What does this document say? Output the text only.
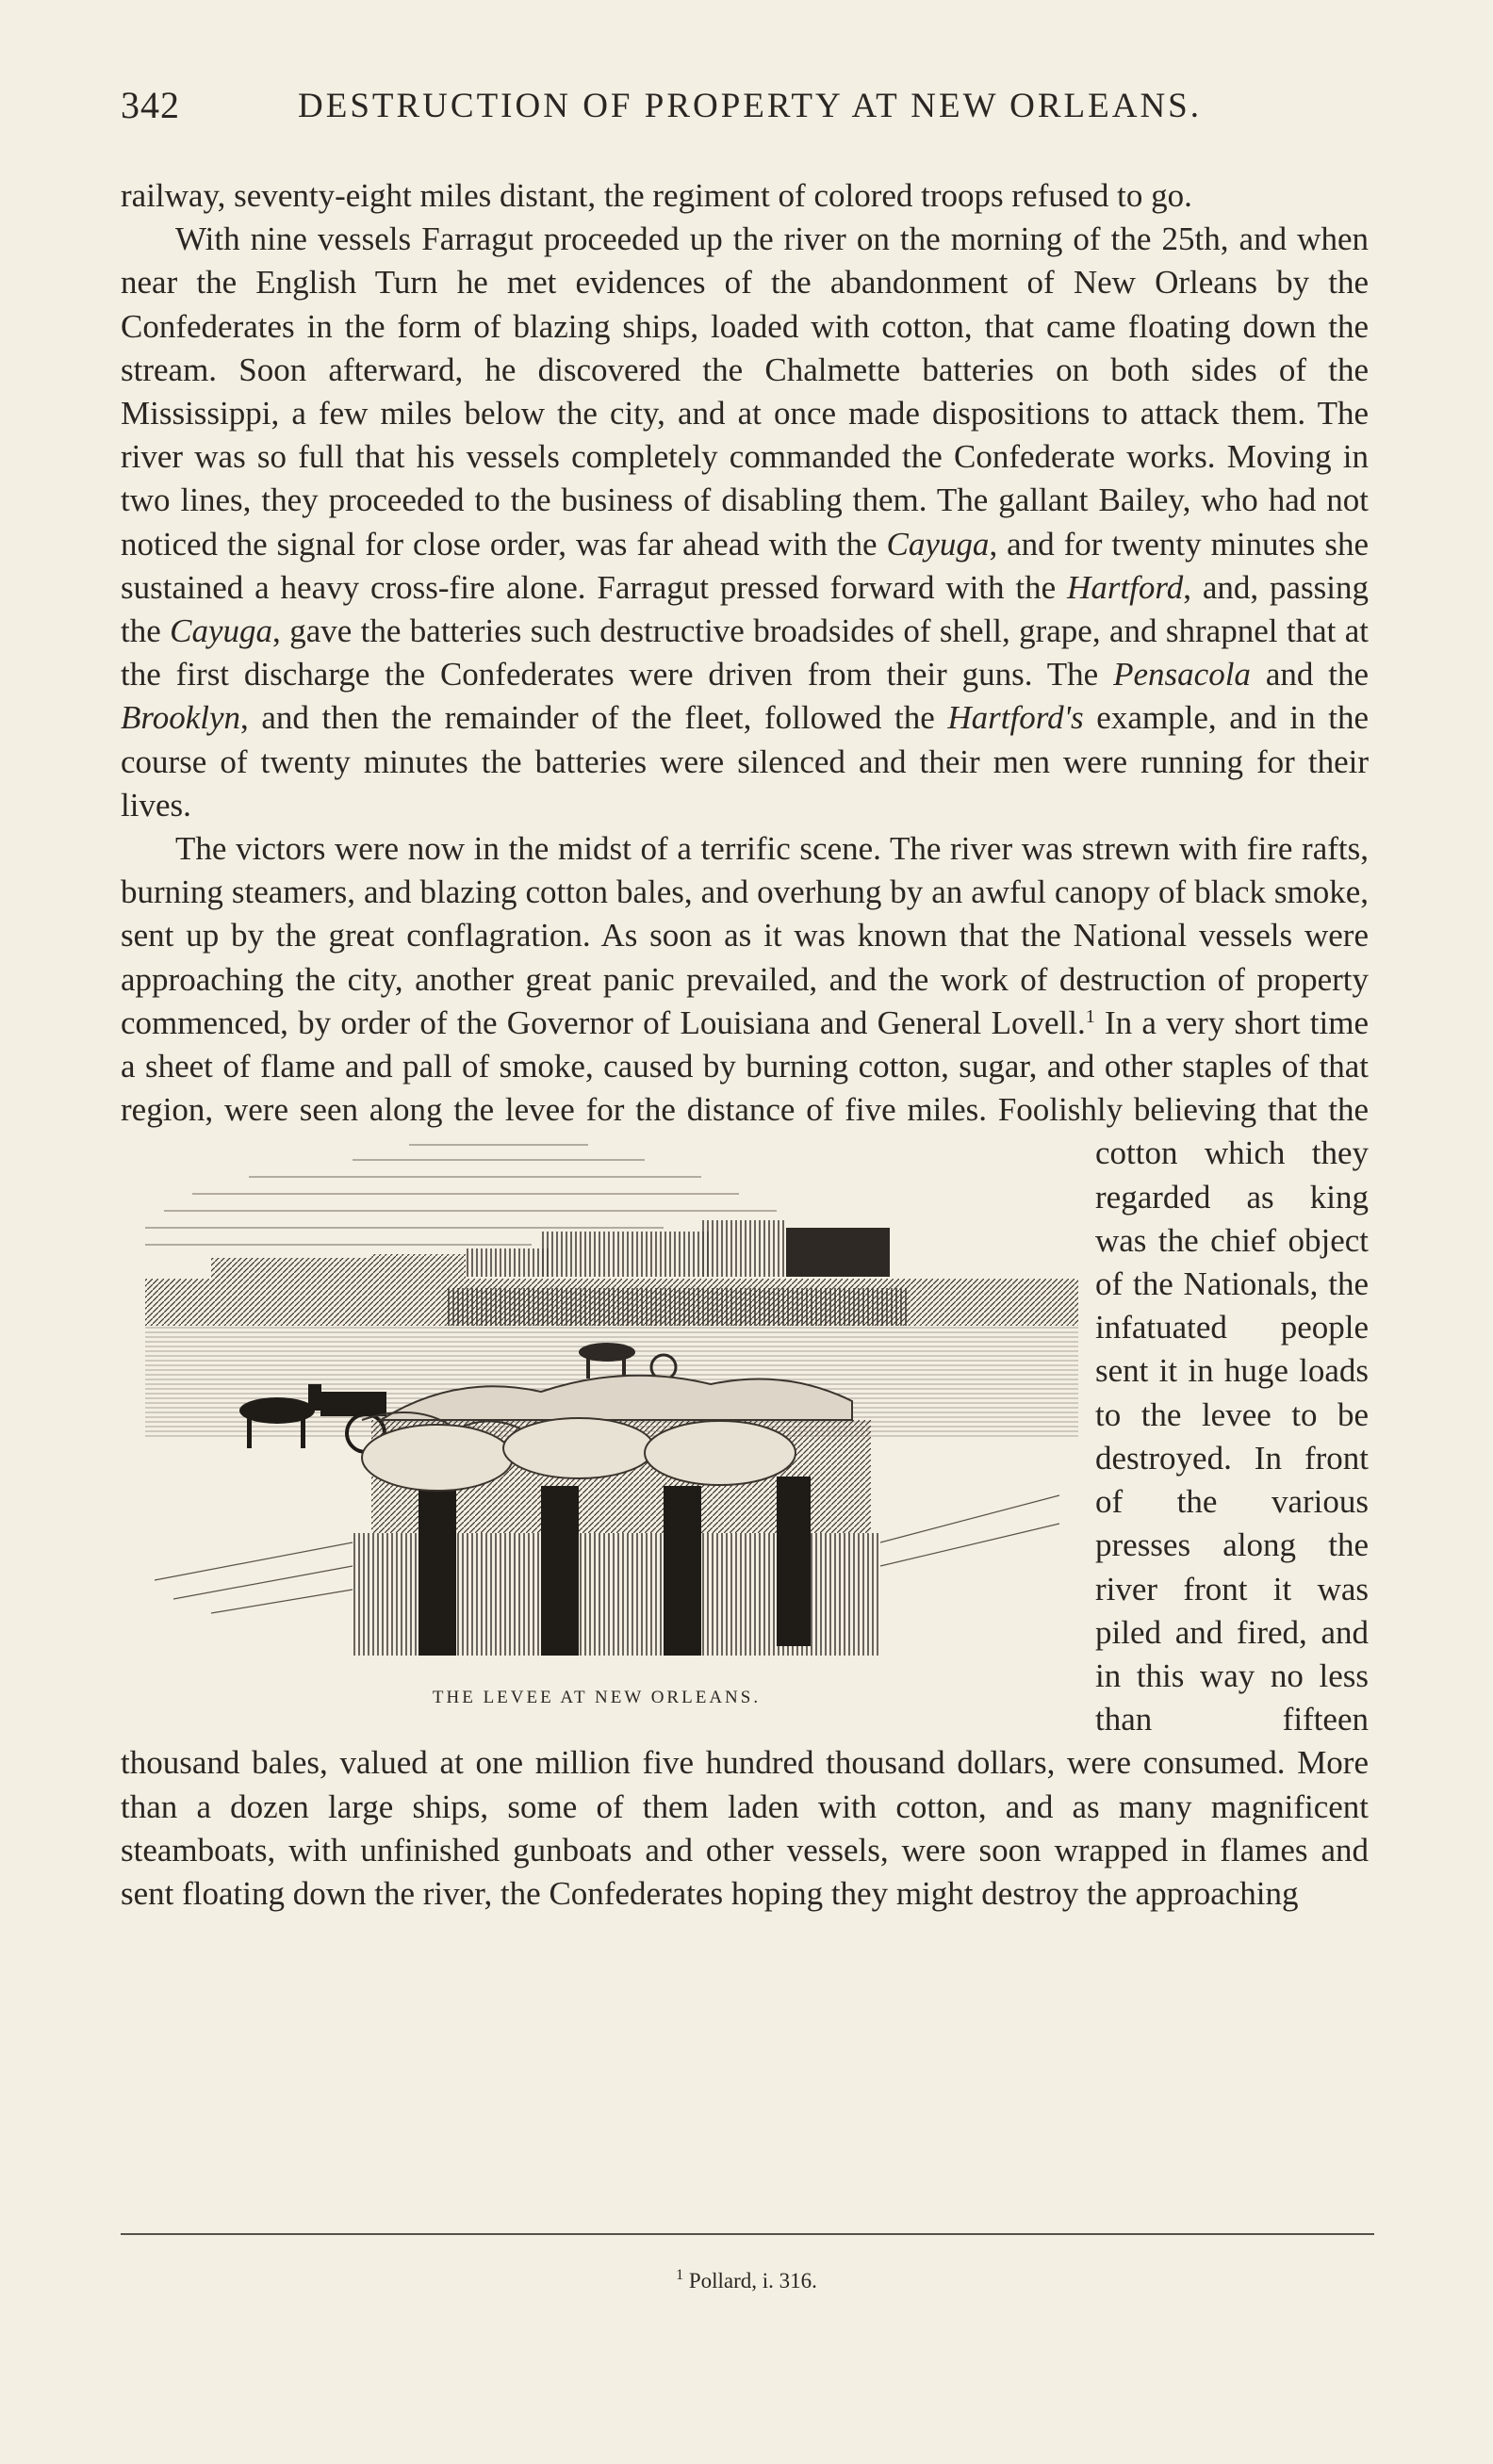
342	DESTRUCTION OF PROPERTY AT NEW ORLEANS.

railway, seventy-eight miles distant, the regiment of colored troops refused to go.

With nine vessels Farragut proceeded up the river on the morning of the 25th, and when near the English Turn he met evidences of the abandonment of New Orleans by the Confederates in the form of blazing ships, loaded with cotton, that came floating down the stream. Soon afterward, he discovered the Chalmette batteries on both sides of the Mississippi, a few miles below the city, and at once made dispositions to attack them. The river was so full that his vessels completely commanded the Confederate works. Moving in two lines, they proceeded to the business of disabling them. The gallant Bailey, who had not noticed the signal for close order, was far ahead with the Cayuga, and for twenty minutes she sustained a heavy cross-fire alone. Farragut pressed forward with the Hartford, and, passing the Cayuga, gave the batteries such destructive broadsides of shell, grape, and shrapnel that at the first discharge the Confederates were driven from their guns. The Pensacola and the Brooklyn, and then the remainder of the fleet, followed the Hartford's example, and in the course of twenty minutes the batteries were silenced and their men were running for their lives.

The victors were now in the midst of a terrific scene. The river was strewn with fire rafts, burning steamers, and blazing cotton bales, and overhung by an awful canopy of black smoke, sent up by the great conflagration. As soon as it was known that the National vessels were approaching the city, another great panic prevailed, and the work of destruction of property commenced, by order of the Governor of Louisiana and General Lovell.$^1$ In a very short time a sheet of flame and pall of smoke, caused by burning cotton, sugar, and other staples of that region, were seen along the levee for the
THE LEVEE AT NEW ORLEANS.
distance of five miles. Foolishly believing that the cotton which they regarded as king was the chief object of the Nationals, the infatuated people sent it in huge loads to the levee to be destroyed. In front of the various presses along the river front it was piled and fired, and in this way no less than fifteen thousand bales, valued at one million five hundred thousand dollars, were consumed. More than a dozen large ships, some of them laden with cotton, and as many magnificent steamboats, with unfinished gunboats and other vessels, were soon wrapped in flames and sent floating down the river, the Confederates hoping they might destroy the approaching

$^1$ Pollard, i. 316.
